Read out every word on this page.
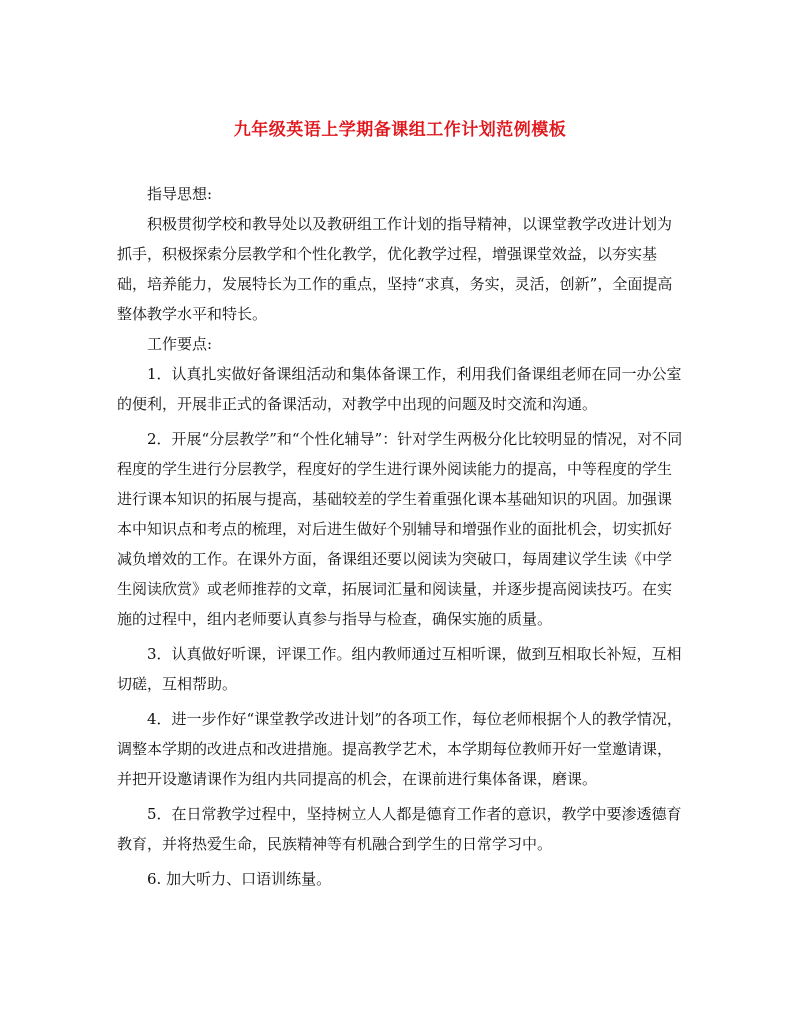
九年级英语上学期备课组工作计划范例模板

指导思想:

积极贯彻学校和教导处以及教研组工作计划的指导精神，以课堂教学改进计划为抓手，积极探索分层教学和个性化教学，优化教学过程，增强课堂效益，以夯实基础，培养能力，发展特长为工作的重点，坚持“求真，务实，灵活，创新”，全面提高整体教学水平和特长。

工作要点:

1．认真扎实做好备课组活动和集体备课工作，利用我们备课组老师在同一办公室的便利，开展非正式的备课活动，对教学中出现的问题及时交流和沟通。

2．开展“分层教学”和“个性化辅导”：针对学生两极分化比较明显的情况，对不同程度的学生进行分层教学，程度好的学生进行课外阅读能力的提高，中等程度的学生进行课本知识的拓展与提高，基础较差的学生着重强化课本基础知识的巩固。加强课本中知识点和考点的梳理，对后进生做好个别辅导和增强作业的面批机会，切实抓好减负增效的工作。在课外方面，备课组还要以阅读为突破口，每周建议学生读《中学生阅读欣赏》或老师推荐的文章，拓展词汇量和阅读量，并逐步提高阅读技巧。在实施的过程中，组内老师要认真参与指导与检查，确保实施的质量。

3．认真做好听课，评课工作。组内教师通过互相听课，做到互相取长补短，互相切磋，互相帮助。

4．进一步作好“课堂教学改进计划”的各项工作，每位老师根据个人的教学情况，调整本学期的改进点和改进措施。提高教学艺术，本学期每位教师开好一堂邀请课，并把开设邀请课作为组内共同提高的机会，在课前进行集体备课，磨课。

5．在日常教学过程中，坚持树立人人都是德育工作者的意识，教学中要渗透德育教育，并将热爱生命，民族精神等有机融合到学生的日常学习中。

6. 加大听力、口语训练量。
